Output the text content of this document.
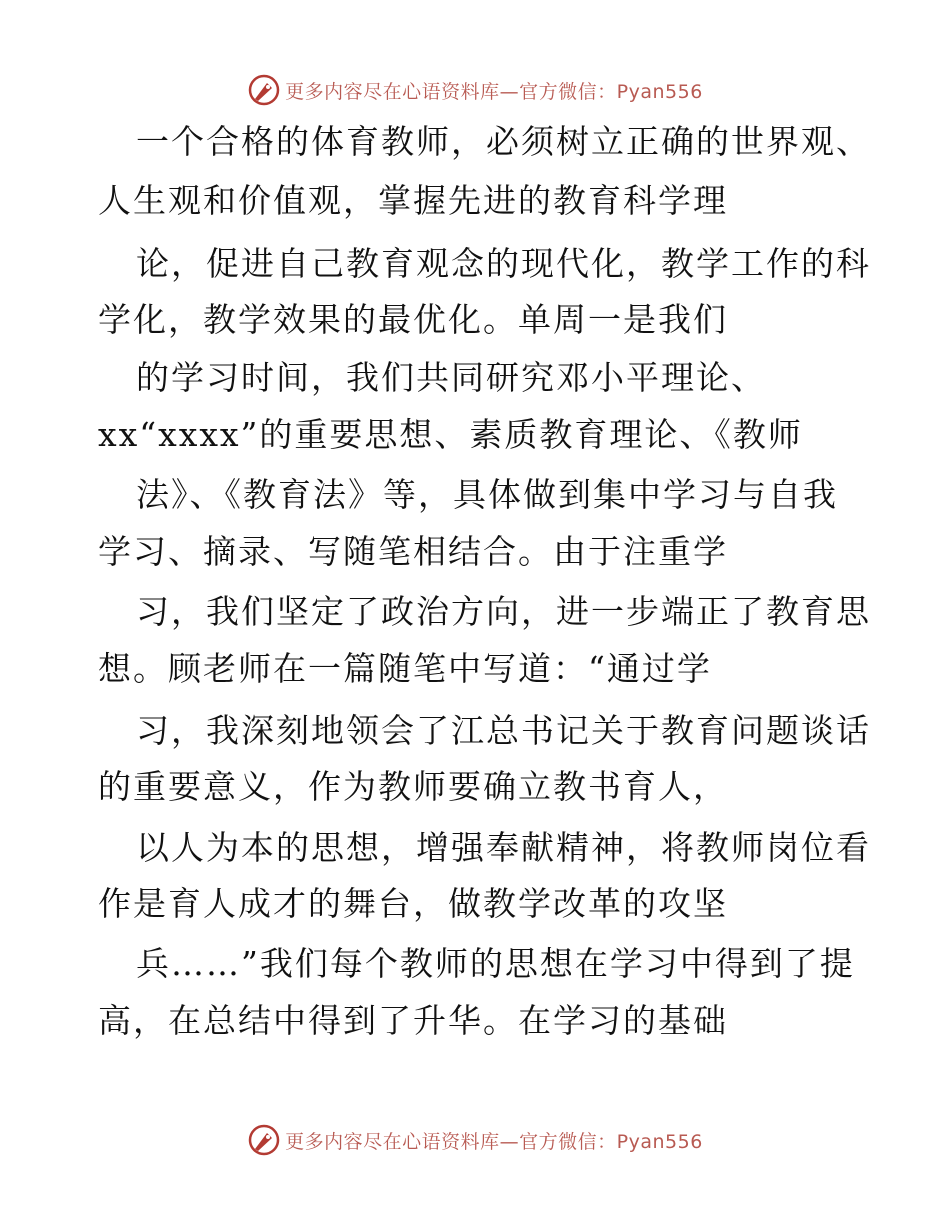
更多内容尽在心语资料库—官方微信：Pyan556
一个合格的体育教师，必须树立正确的世界观、
人生观和价值观，掌握先进的教育科学理
论，促进自己教育观念的现代化，教学工作的科
学化，教学效果的最优化。单周一是我们
的学习时间，我们共同研究邓小平理论、
xx“xxxx”的重要思想、素质教育理论、《教师
法》、《教育法》等，具体做到集中学习与自我
学习、摘录、写随笔相结合。由于注重学
习，我们坚定了政治方向，进一步端正了教育思
想。顾老师在一篇随笔中写道：“通过学
习，我深刻地领会了江总书记关于教育问题谈话
的重要意义，作为教师要确立教书育人，
以人为本的思想，增强奉献精神，将教师岗位看
作是育人成才的舞台，做教学改革的攻坚
兵……”我们每个教师的思想在学习中得到了提
高，在总结中得到了升华。在学习的基础
更多内容尽在心语资料库—官方微信：Pyan556
